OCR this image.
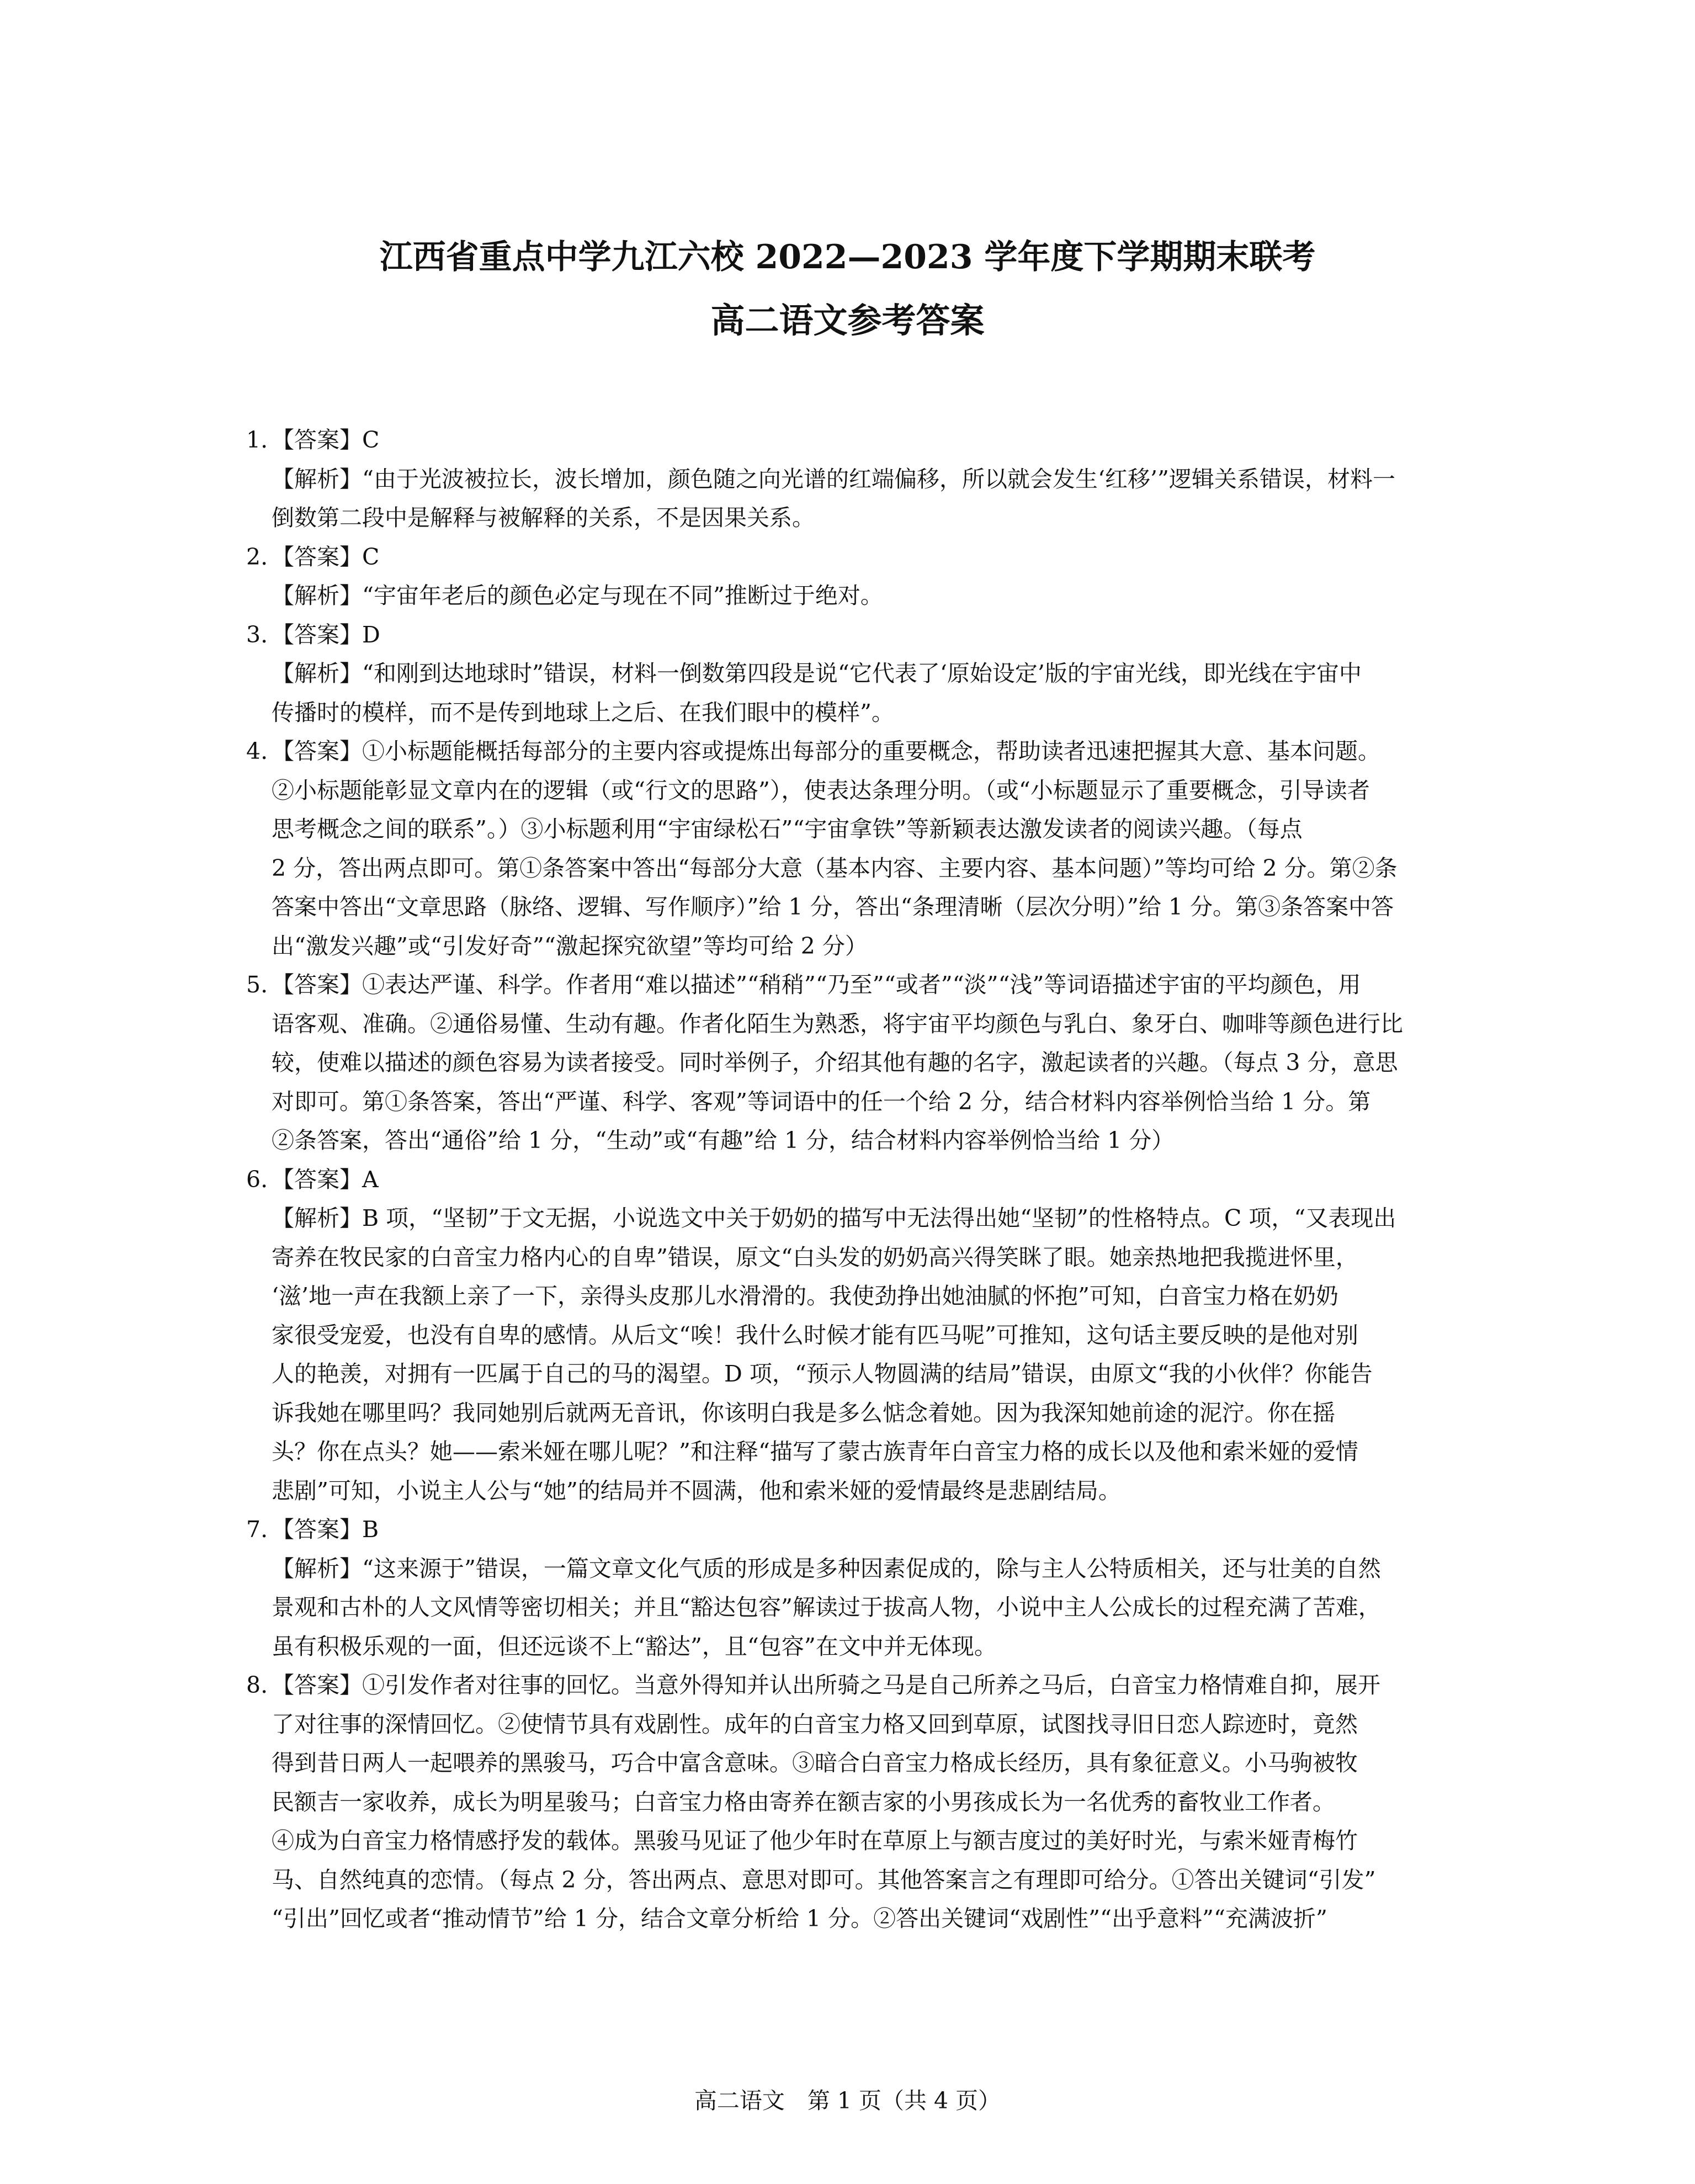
江西省重点中学九江六校 2022—2023 学年度下学期期末联考
高二语文参考答案
1. 【答案】C
【解析】“由于光波被拉长，波长增加，颜色随之向光谱的红端偏移，所以就会发生‘红移’”逻辑关系错误，材料一
倒数第二段中是解释与被解释的关系，不是因果关系。
2. 【答案】C
【解析】“宇宙年老后的颜色必定与现在不同”推断过于绝对。
3. 【答案】D
【解析】“和刚到达地球时”错误，材料一倒数第四段是说“它代表了‘原始设定’版的宇宙光线，即光线在宇宙中
传播时的模样，而不是传到地球上之后、在我们眼中的模样”。
4. 【答案】①小标题能概括每部分的主要内容或提炼出每部分的重要概念，帮助读者迅速把握其大意、基本问题。
②小标题能彰显文章内在的逻辑（或“行文的思路”），使表达条理分明。（或“小标题显示了重要概念，引导读者
思考概念之间的联系”。）③小标题利用“宇宙绿松石”“宇宙拿铁”等新颖表达激发读者的阅读兴趣。（每点
2 分，答出两点即可。第①条答案中答出“每部分大意（基本内容、主要内容、基本问题）”等均可给 2 分。第②条
答案中答出“文章思路（脉络、逻辑、写作顺序）”给 1 分，答出“条理清晰（层次分明）”给 1 分。第③条答案中答
出“激发兴趣”或“引发好奇”“激起探究欲望”等均可给 2 分）
5. 【答案】①表达严谨、科学。作者用“难以描述”“稍稍”“乃至”“或者”“淡”“浅”等词语描述宇宙的平均颜色，用
语客观、准确。②通俗易懂、生动有趣。作者化陌生为熟悉，将宇宙平均颜色与乳白、象牙白、咖啡等颜色进行比
较，使难以描述的颜色容易为读者接受。同时举例子，介绍其他有趣的名字，激起读者的兴趣。（每点 3 分，意思
对即可。第①条答案，答出“严谨、科学、客观”等词语中的任一个给 2 分，结合材料内容举例恰当给 1 分。第
②条答案，答出“通俗”给 1 分，“生动”或“有趣”给 1 分，结合材料内容举例恰当给 1 分）
6. 【答案】A
【解析】B 项，“坚韧”于文无据，小说选文中关于奶奶的描写中无法得出她“坚韧”的性格特点。C 项，“又表现出
寄养在牧民家的白音宝力格内心的自卑”错误，原文“白头发的奶奶高兴得笑眯了眼。她亲热地把我揽进怀里，
‘滋’地一声在我额上亲了一下，亲得头皮那儿水滑滑的。我使劲挣出她油腻的怀抱”可知，白音宝力格在奶奶
家很受宠爱，也没有自卑的感情。从后文“唉！我什么时候才能有匹马呢”可推知，这句话主要反映的是他对别
人的艳羡，对拥有一匹属于自己的马的渴望。D 项，“预示人物圆满的结局”错误，由原文“我的小伙伴？你能告
诉我她在哪里吗？我同她别后就两无音讯，你该明白我是多么惦念着她。因为我深知她前途的泥泞。你在摇
头？你在点头？她——索米娅在哪儿呢？”和注释“描写了蒙古族青年白音宝力格的成长以及他和索米娅的爱情
悲剧”可知，小说主人公与“她”的结局并不圆满，他和索米娅的爱情最终是悲剧结局。
7. 【答案】B
【解析】“这来源于”错误，一篇文章文化气质的形成是多种因素促成的，除与主人公特质相关，还与壮美的自然
景观和古朴的人文风情等密切相关；并且“豁达包容”解读过于拔高人物，小说中主人公成长的过程充满了苦难，
虽有积极乐观的一面，但还远谈不上“豁达”，且“包容”在文中并无体现。
8. 【答案】①引发作者对往事的回忆。当意外得知并认出所骑之马是自己所养之马后，白音宝力格情难自抑，展开
了对往事的深情回忆。②使情节具有戏剧性。成年的白音宝力格又回到草原，试图找寻旧日恋人踪迹时，竟然
得到昔日两人一起喂养的黑骏马，巧合中富含意味。③暗合白音宝力格成长经历，具有象征意义。小马驹被牧
民额吉一家收养，成长为明星骏马；白音宝力格由寄养在额吉家的小男孩成长为一名优秀的畜牧业工作者。
④成为白音宝力格情感抒发的载体。黑骏马见证了他少年时在草原上与额吉度过的美好时光，与索米娅青梅竹
马、自然纯真的恋情。（每点 2 分，答出两点、意思对即可。其他答案言之有理即可给分。①答出关键词“引发”
“引出”回忆或者“推动情节”给 1 分，结合文章分析给 1 分。②答出关键词“戏剧性”“出乎意料”“充满波折”
高二语文　第 1 页（共 4 页）
